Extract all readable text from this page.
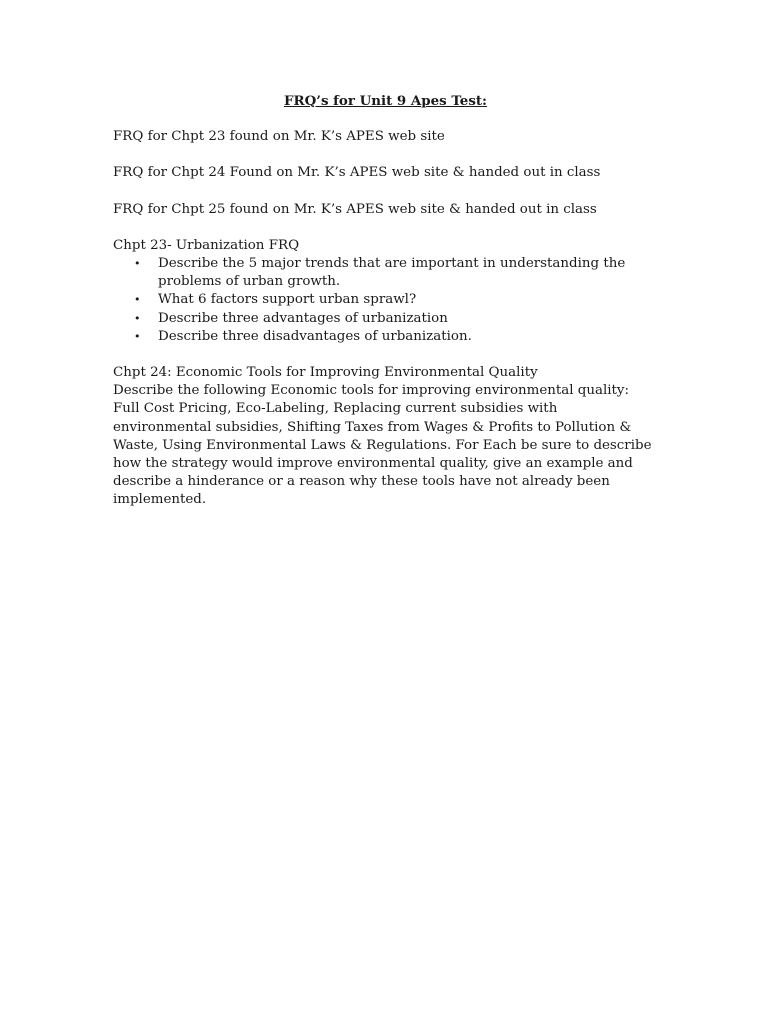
FRQ’s for Unit 9 Apes Test:
FRQ for Chpt 23 found on Mr. K’s APES web site
FRQ for Chpt 24 Found on Mr. K’s APES web site & handed out in class
FRQ for Chpt 25 found on Mr. K’s APES web site & handed out in class
Chpt 23- Urbanization FRQ
• Describe the 5 major trends that are important in understanding the problems of urban growth.
• What 6 factors support urban sprawl?
• Describe three advantages of urbanization
• Describe three disadvantages of urbanization.
Chpt 24: Economic Tools for Improving Environmental Quality
Describe the following Economic tools for improving environmental quality: Full Cost Pricing, Eco-Labeling, Replacing current subsidies with environmental subsidies, Shifting Taxes from Wages & Profits to Pollution & Waste, Using Environmental Laws & Regulations. For Each be sure to describe how the strategy would improve environmental quality, give an example and describe a hinderance or a reason why these tools have not already been implemented.
